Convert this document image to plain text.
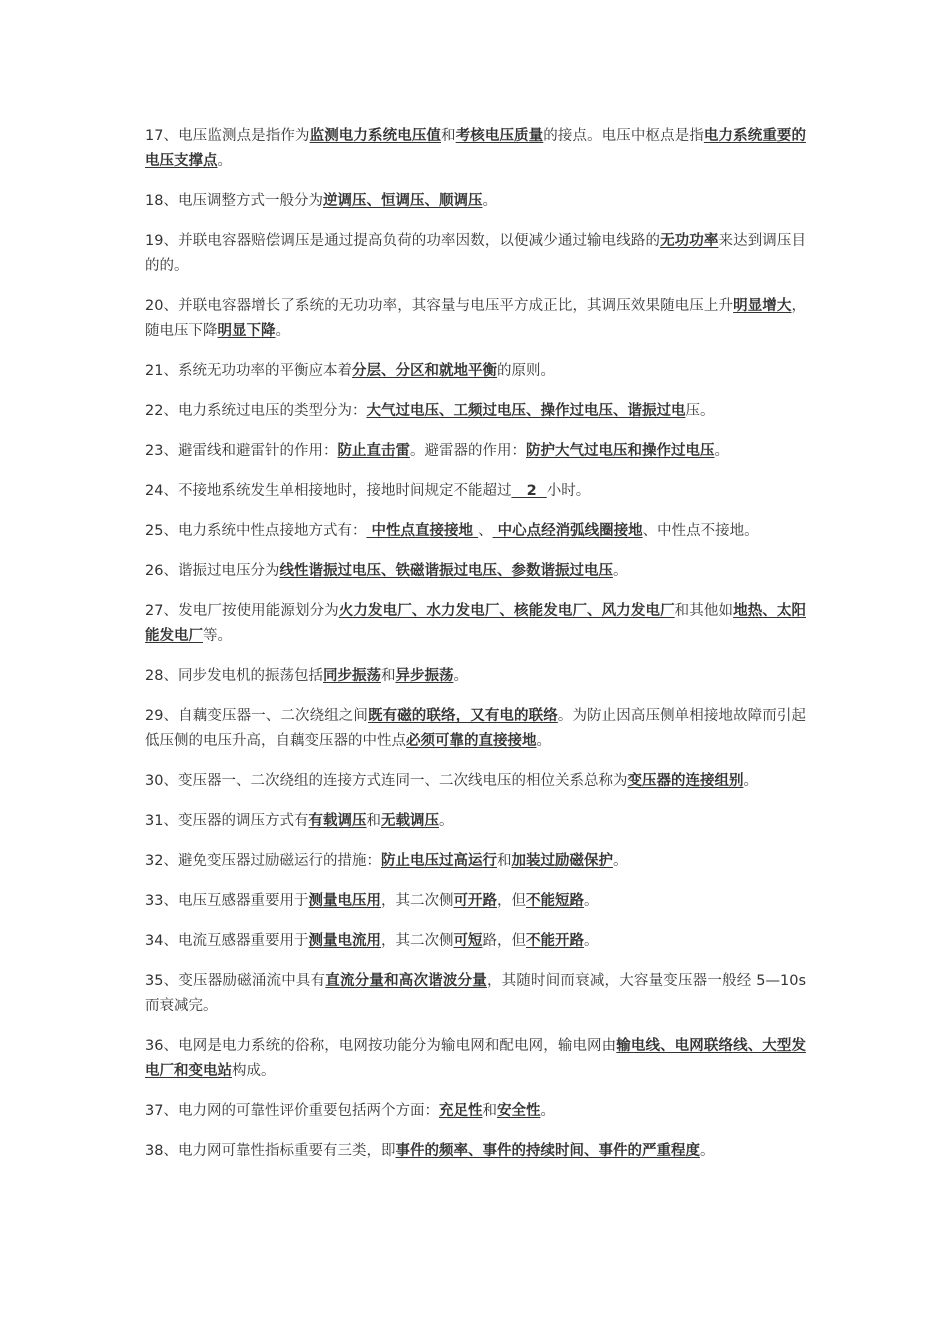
17、电压监测点是指作为监测电力系统电压值和考核电压质量的接点。电压中枢点是指电力系统重要的电压支撑点。

18、电压调整方式一般分为逆调压、恒调压、顺调压。

19、并联电容器赔偿调压是通过提高负荷的功率因数，以便减少通过输电线路的无功功率来达到调压目的的。

20、并联电容器增长了系统的无功功率，其容量与电压平方成正比，其调压效果随电压上升明显增大，随电压下降明显下降。

21、系统无功功率的平衡应本着分层、分区和就地平衡的原则。

22、电力系统过电压的类型分为：大气过电压、工频过电压、操作过电压、谐振过电压。

23、避雷线和避雷针的作用：防止直击雷。避雷器的作用：防护大气过电压和操作过电压。

24、不接地系统发生单相接地时，接地时间规定不能超过   2  小时。

25、电力系统中性点接地方式有： 中性点直接接地 、 中心点经消弧线圈接地、中性点不接地。

26、谐振过电压分为线性谐振过电压、铁磁谐振过电压、参数谐振过电压。

27、发电厂按使用能源划分为火力发电厂、水力发电厂、核能发电厂、风力发电厂和其他如地热、太阳能发电厂等。

28、同步发电机的振荡包括同步振荡和异步振荡。

29、自藕变压器一、二次绕组之间既有磁的联络，又有电的联络。为防止因高压侧单相接地故障而引起低压侧的电压升高，自藕变压器的中性点必须可靠的直接接地。

30、变压器一、二次绕组的连接方式连同一、二次线电压的相位关系总称为变压器的连接组别。

31、变压器的调压方式有有载调压和无载调压。

32、避免变压器过励磁运行的措施：防止电压过高运行和加装过励磁保护。

33、电压互感器重要用于测量电压用，其二次侧可开路，但不能短路。

34、电流互感器重要用于测量电流用，其二次侧可短路，但不能开路。

35、变压器励磁涌流中具有直流分量和高次谐波分量，其随时间而衰减，大容量变压器一般经 5—10s 而衰减完。

36、电网是电力系统的俗称，电网按功能分为输电网和配电网，输电网由输电线、电网联络线、大型发电厂和变电站构成。

37、电力网的可靠性评价重要包括两个方面：充足性和安全性。

38、电力网可靠性指标重要有三类，即事件的频率、事件的持续时间、事件的严重程度。
